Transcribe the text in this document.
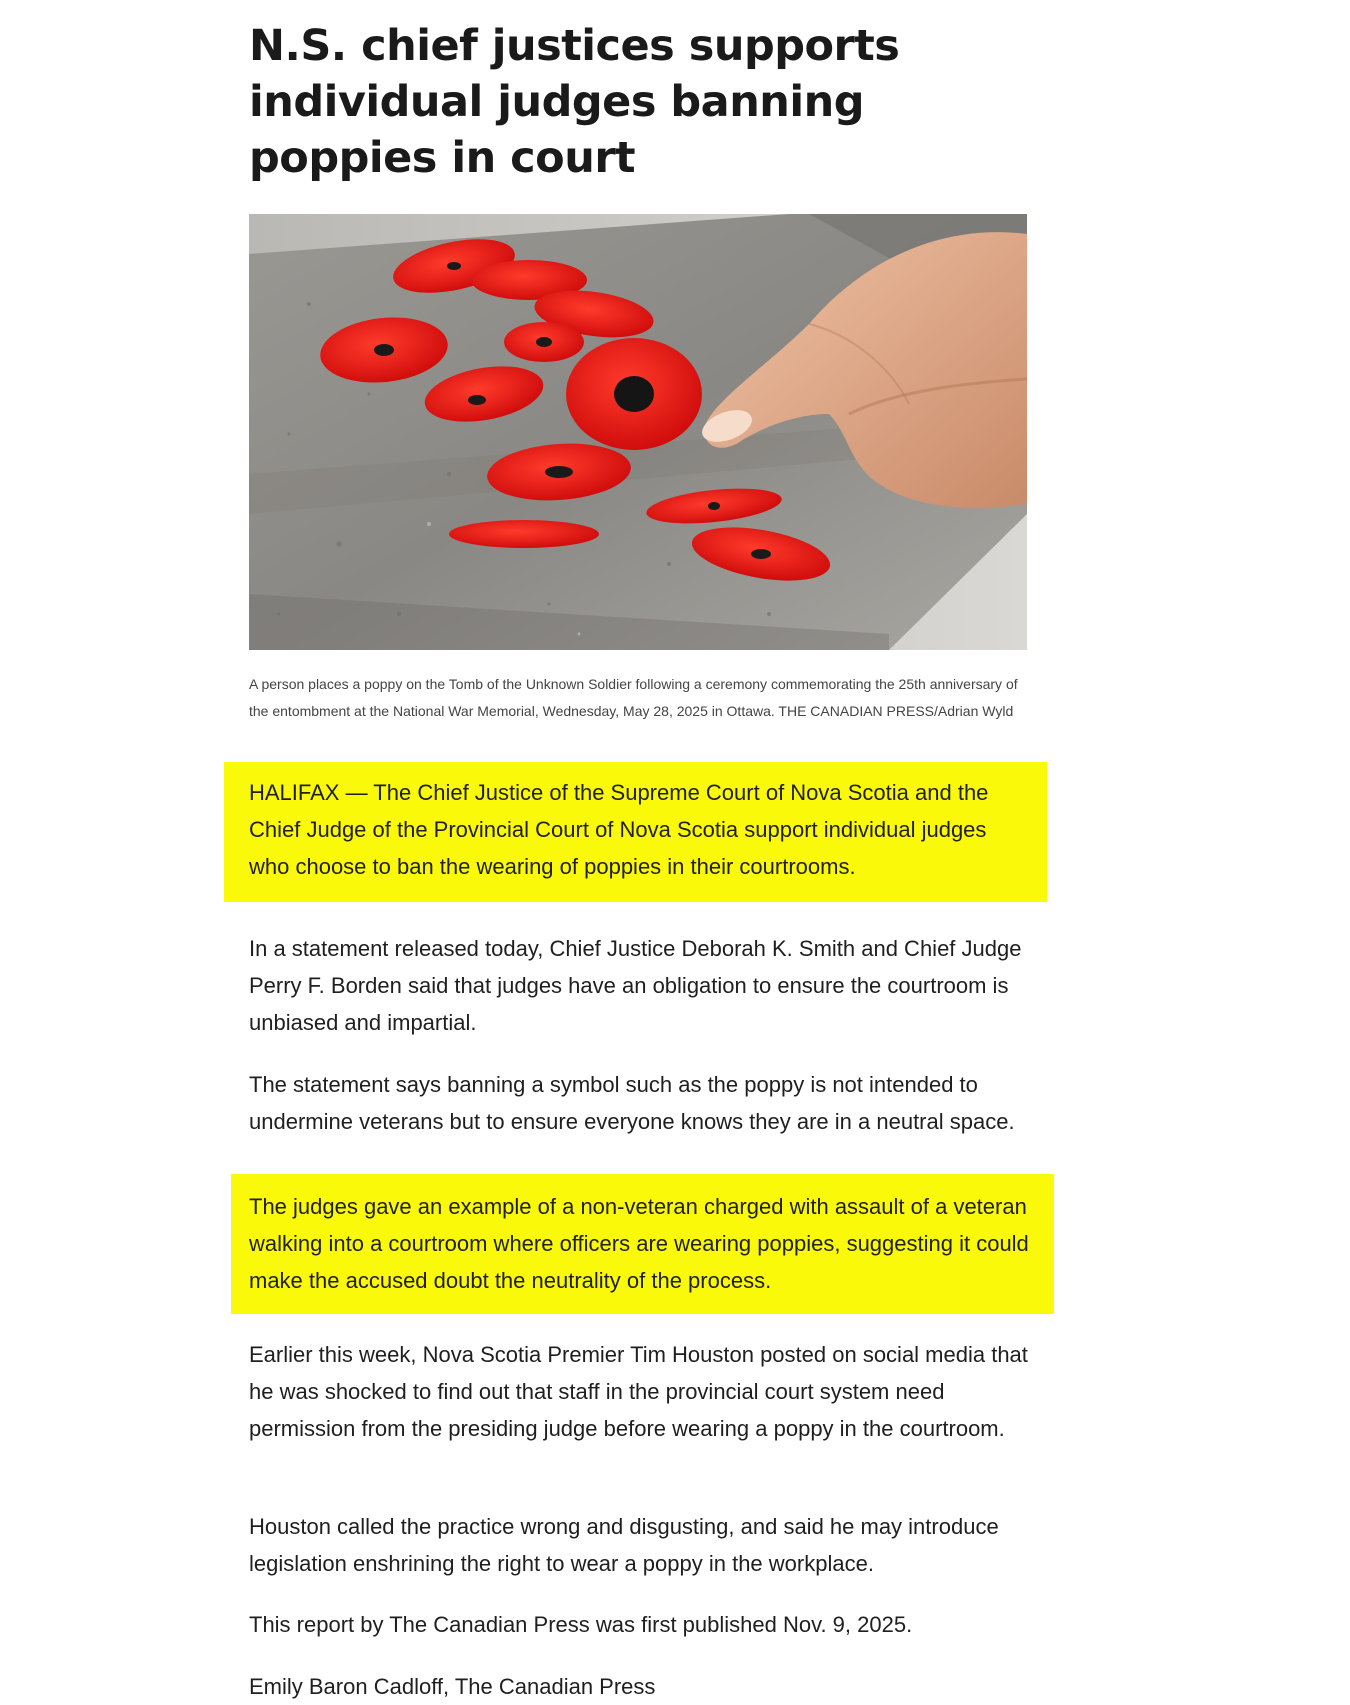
N.S. chief justices supports individual judges banning poppies in court

A person places a poppy on the Tomb of the Unknown Soldier following a ceremony commemorating the 25th anniversary of the entombment at the National War Memorial, Wednesday, May 28, 2025 in Ottawa. THE CANADIAN PRESS/Adrian Wyld

HALIFAX — The Chief Justice of the Supreme Court of Nova Scotia and the Chief Judge of the Provincial Court of Nova Scotia support individual judges who choose to ban the wearing of poppies in their courtrooms.

In a statement released today, Chief Justice Deborah K. Smith and Chief Judge Perry F. Borden said that judges have an obligation to ensure the courtroom is unbiased and impartial.

The statement says banning a symbol such as the poppy is not intended to undermine veterans but to ensure everyone knows they are in a neutral space.

The judges gave an example of a non-veteran charged with assault of a veteran walking into a courtroom where officers are wearing poppies, suggesting it could make the accused doubt the neutrality of the process.

Earlier this week, Nova Scotia Premier Tim Houston posted on social media that he was shocked to find out that staff in the provincial court system need permission from the presiding judge before wearing a poppy in the courtroom.

Houston called the practice wrong and disgusting, and said he may introduce legislation enshrining the right to wear a poppy in the workplace.

This report by The Canadian Press was first published Nov. 9, 2025.

Emily Baron Cadloff, The Canadian Press
